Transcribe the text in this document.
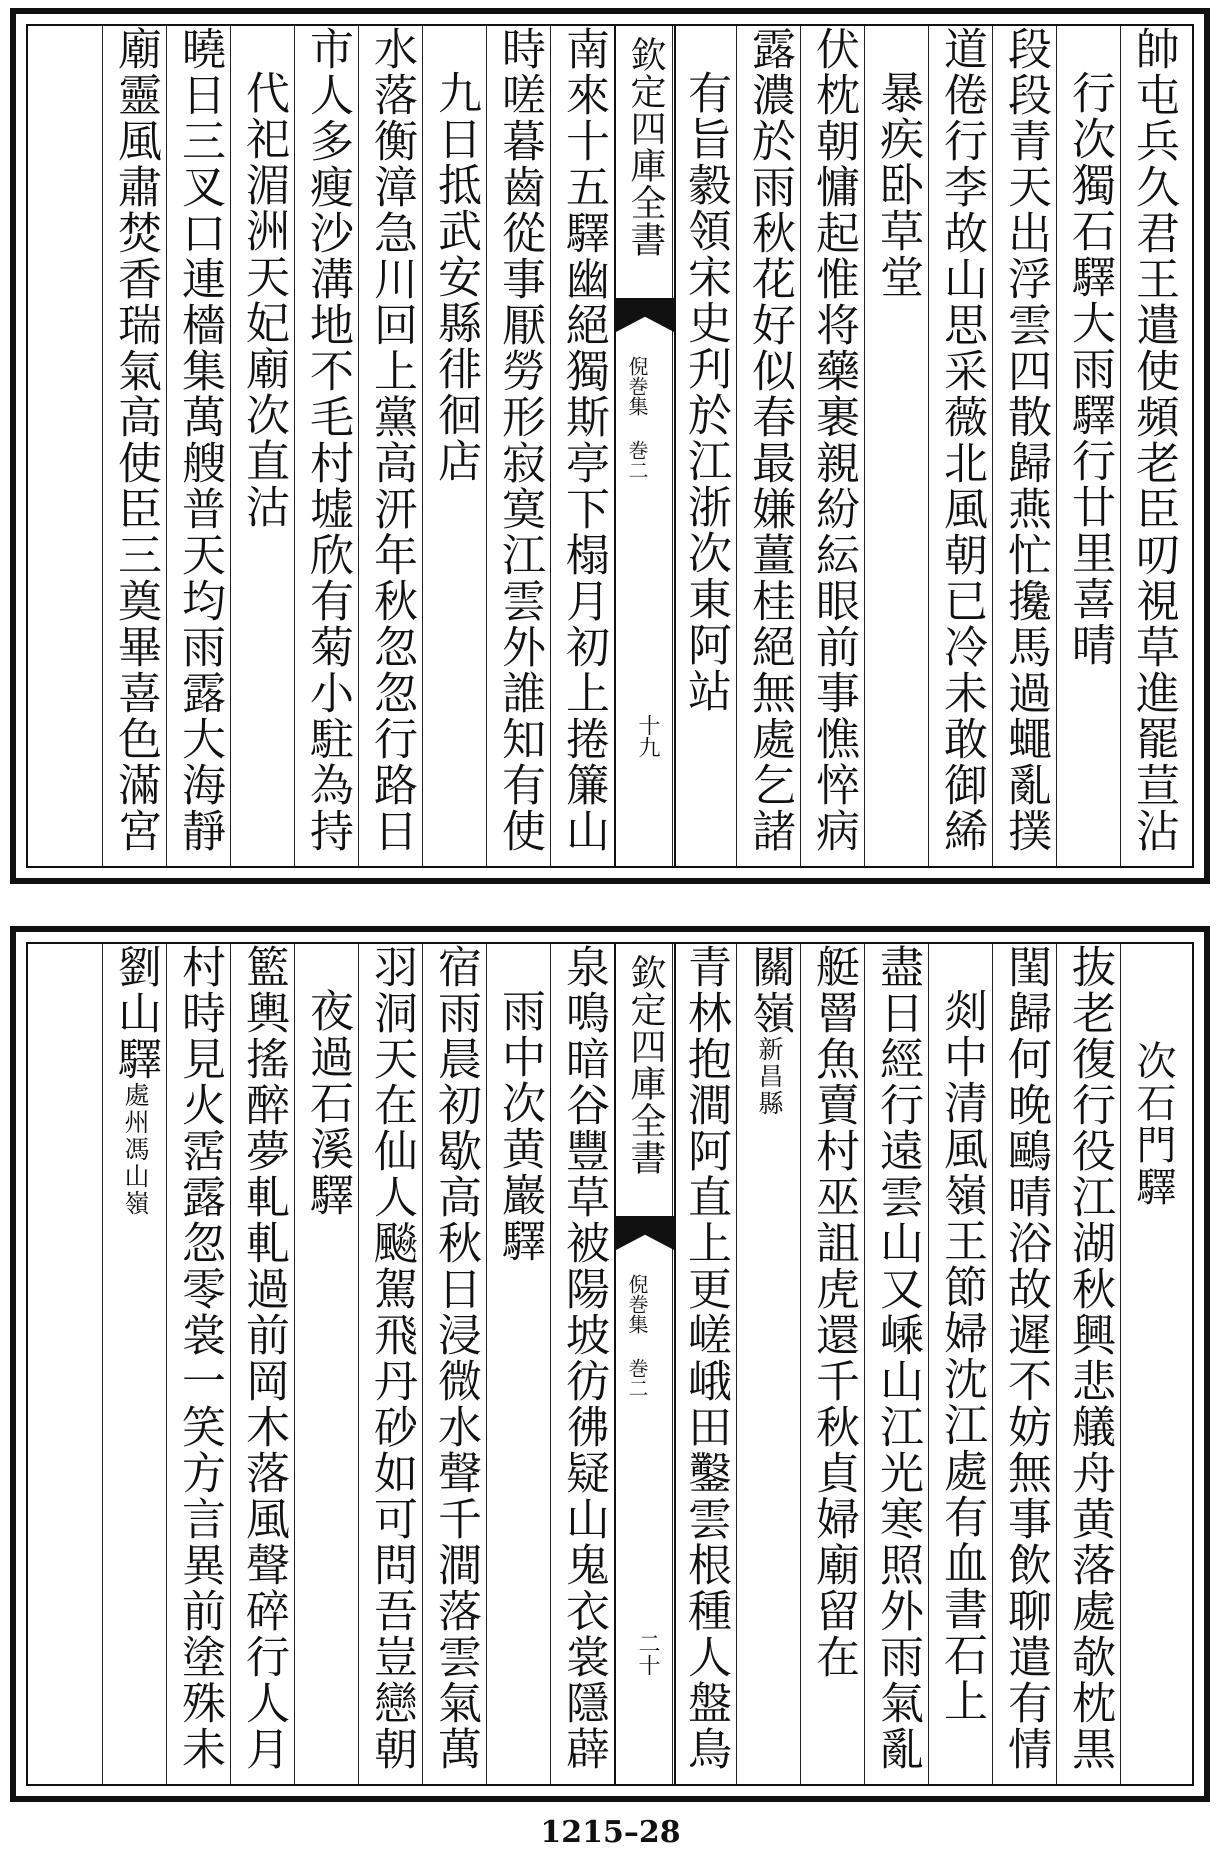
帥屯兵久君王遣使頻老臣叨視草進罷荁沾
行次獨石驛大雨驛行廿里喜晴
段段青天出浮雲四散歸燕忙攙馬過蠅亂撲
道倦行李故山思采薇北風朝已冷未敢御絺
暴疾卧草堂
伏枕朝慵起惟将藥裹親紛紜眼前事憔悴病
露濃於雨秋花好似春最嫌薑桂絕無處乞諸
有旨豰領宋史刋於江浙次東阿站
欽定四庫全書
倪巻集 巻二
十九
南來十五驛幽絕獨斯亭下榻月初上捲簾山
時嗟暮齒從事厭勞形寂寞江雲外誰知有使
九日抵武安縣徘徊店
水落衡漳急川回上黨高汧年秋忽忽行路日
市人多瘦沙溝地不毛村墟欣有菊小駐為持
代祀湄洲天妃廟次直沽
曉日三叉口連檣集萬艘普天均雨露大海靜
廟靈風肅焚香瑞氣高使臣三奠畢喜色滿宮
次石門驛
抜老復行役江湖秋興悲艤舟黄落處欹枕黒
閨歸何晚鷗晴浴故遲不妨無事飲聊遣有情
剡中清風嶺王節婦沈江處有血書石上
盡日經行遠雲山又嵊山江光寒照外雨氣亂
艇罾魚賣村巫詛虎還千秋貞婦廟留在
關嶺新昌縣
青林抱澗阿直上更嵯峨田鑿雲根種人盤鳥
欽定四庫全書
倪巻集 巻二
二十
泉鳴暗谷豐草被陽坡彷彿疑山鬼衣裳隱薜
雨中次黄巖驛
宿雨晨初歇高秋日浸微水聲千澗落雲氣萬
羽洞天在仙人飈駕飛丹砂如可問吾豈戀朝
夜過石溪驛
籃輿搖醉夢軋軋過前岡木落風聲碎行人月
村時見火霑露忽零裳一笑方言異前塗殊未
劉山驛處州馮山嶺
1215–28
